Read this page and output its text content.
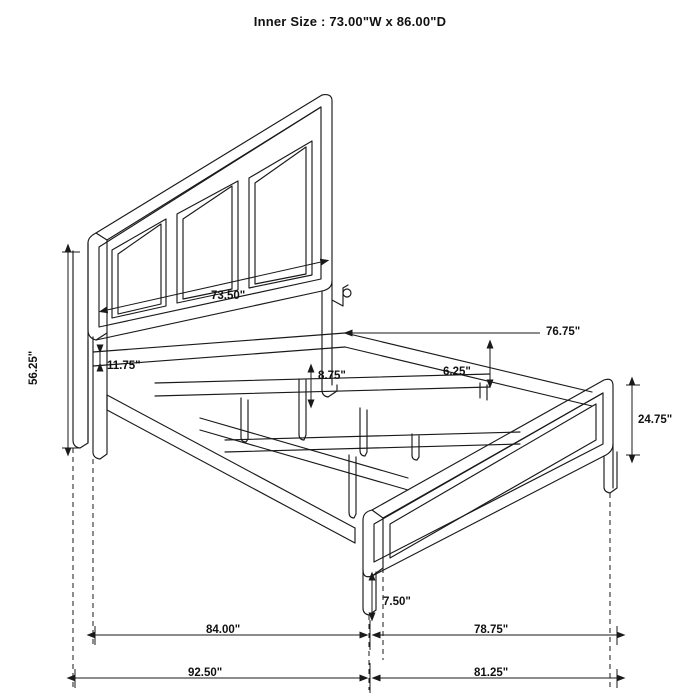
Inner Size : 73.00"W x 86.00"D
73.50"
56.25"	11.75"
76.75"
8.75"	6.25"
24.75"
7.50"
84.00"	78.75"
92.50"	81.25"
